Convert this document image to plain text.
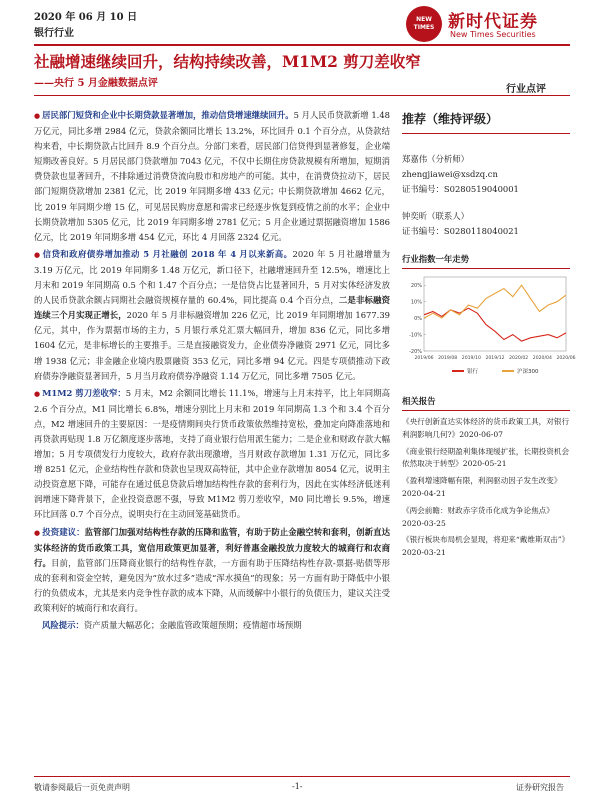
2020 年 06 月 10 日
银行行业
NEW TIMES 新时代证券
New Times Securities
社融增速继续回升，结构持续改善，M1M2 剪刀差收窄
——央行 5 月金融数据点评
行业点评

● 居民部门短贷和企业中长期贷款显著增加，推动信贷增速继续回升。5 月人民币贷款新增 1.48 万亿元，同比多增 2984 亿元，贷款余额同比增长 13.2%，环比回升 0.1 个百分点，从贷款结构来看，中长期贷款占比回升 8.9 个百分点。分部门来看，居民部门信贷得到显著修复，企业端短期改善良好。5 月居民部门贷款增加 7043 亿元，不仅中长期住房贷款规模有所增加，短期消费贷款也显著回升，不排除通过消费贷流向股市和房地产的可能。其中，在消费贷拉动下，居民部门短期贷款增加 2381 亿元，比 2019 年同期多增 433 亿元；中长期贷款增加 4662 亿元，比 2019 年同期少增 15 亿，可见居民购房意愿和需求已经逐步恢复到疫情之前的水平；企业中长期贷款增加 5305 亿元，比 2019 年同期多增 2781 亿元；5 月企业通过票据融资增加 1586 亿元，比 2019 年同期多增 454 亿元，环比 4 月回落 2324 亿元。

● 信贷和政府债券增加推动 5 月社融创 2018 年 4 月以来新高。2020 年 5 月社融增量为 3.19 万亿元，比 2019 年同期多 1.48 万亿元，新口径下，社融增速回升至 12.5%，增速比上月末和 2019 年同期高 0.5 个和 1.47 个百分点；一是信贷占比显著回升，5 月对实体经济发放的人民币贷款余额占同期社会融资规模存量的 60.4%，同比提高 0.4 个百分点，二是非标融资连续三个月实现正增长，2020 年 5 月非标融资增加 226 亿元，比 2019 年同期增加 1677.39 亿元，其中，作为票据市场的主力，5 月银行承兑汇票大幅回升，增加 836 亿元，同比多增 1604 亿元，是非标增长的主要推手。三是直接融资发力，企业债券净融资 2971 亿元，同比多增 1938 亿元；非金融企业境内股票融资 353 亿元，同比多增 94 亿元。四是专项债推动下政府债券净融资显著回升，5 月当月政府债券净融资 1.14 万亿元，同比多增 7505 亿元。

● M1M2 剪刀差收窄：5 月末，M2 余额同比增长 11.1%，增速与上月末持平，比上年同期高 2.6 个百分点，M1 同比增长 6.8%，增速分别比上月末和 2019 年同期高 1.3 个和 3.4 个百分点，M2 增速回升的主要原因：一是疫情期间央行货币政策依然维持宽松，叠加定向降准落地和再贷款再贴现 1.8 万亿额度逐步落地，支持了商业银行信用派生能力；二是企业和财政存款大幅增加；5 月专项债发行力度较大，政府存款出现激增，当月财政存款增加 1.31 万亿元，同比多增 8251 亿元，企业结构性存款和贷款也呈现双高特征，其中企业存款增加 8054 亿元，说明主动投资意愿下降，可能存在通过低息贷款后增加结构性存款的套利行为，因此在实体经济低迷利润增速下降背景下，企业投资意愿不强，导致 M1M2 剪刀差收窄，M0 同比增长 9.5%，增速环比回落 0.7 个百分点，说明央行在主动回笼基础货币。

● 投资建议：监管部门加强对结构性存款的压降和监管，有助于防止金融空转和套利，创新直达实体经济的货币政策工具，宽信用政策更加显著，利好普惠金融投放力度较大的城商行和农商行。目前，监管部门压降商业银行的结构性存款，一方面有助于压降结构性存款-票据-贴债等形成的套利和资金空转，避免因为“放水过多”造成“浑水摸鱼”的现象；另一方面有助于降低中小银行的负债成本，尤其是来内竞争性存款的成本下降，从而缓解中小银行的负债压力，建议关注受政策利好的城商行和农商行。

风险提示：资产质量大幅恶化；金融监管政策超预期；疫情超市场预期

推荐（维持评级）
郑嘉伟（分析师）
zhengjiawei@xsdzq.cn
证书编号：S0280519040001
钟奕昕（联系人）
证书编号：S0280118040021
行业指数一年走势
-20%
-10%
0%
10%
20%
2019/06 2019/08 2019/10 2019/12 2020/02 2020/04 2020/06
银行	沪深300
相关报告
《央行创新直达实体经济的货币政策工具，对银行利润影响几何?》2020-06-07
《商业银行经期盈利集体现缓扩张，长期投资机会依然取决于转型》2020-05-21
《盈利增速降幅有限，利润驱动因子发生改变》2020-04-21
《两会前瞻：财政赤字货币化成为争论焦点》2020-03-25
《银行板块布局机会显现，将迎来“戴维斯双击”》2020-03-21
敬请参阅最后一页免责声明	-1-	证券研究报告
